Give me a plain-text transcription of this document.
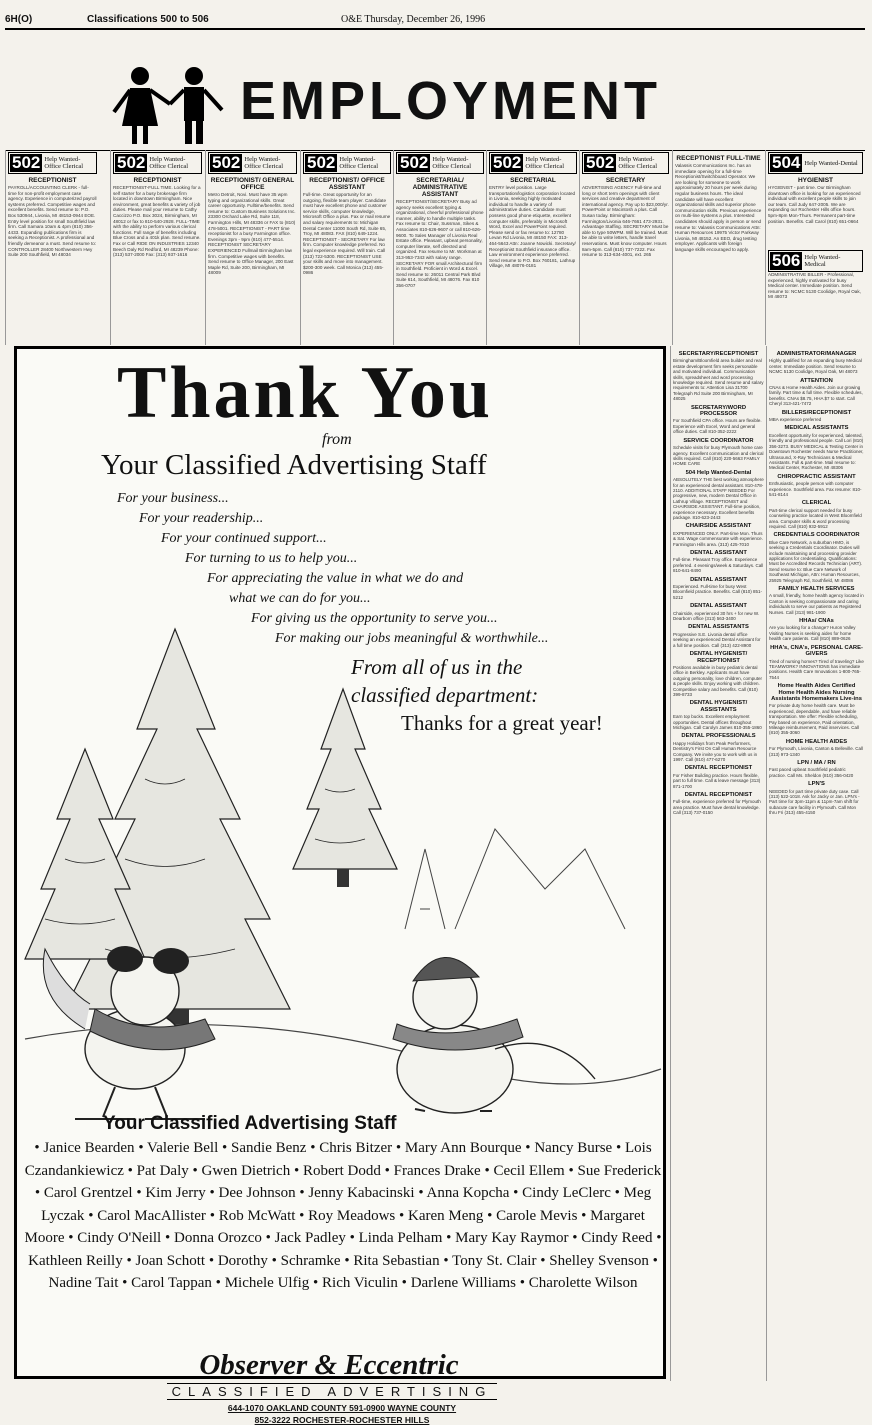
6H(O)	Classifications 500 to 506	O&E Thursday, December 26, 1996
EMPLOYMENT
502 Help Wanted-Office Clerical
RECEPTIONIST
PAYROLL/ACCOUNTING CLERK - full-time for non-profit employment case agency. Experience in computerized payroll systems preferred. Competitive wages and excellent benefits. Send resume to: P.O. Box 530944, Livonia, MI 48153-0944 EOE. Entry level position for small Southfield law firm. Call Samara 10am & 4pm (810) 356-4433. Expanding publications firm is seeking a Receptionist. A professional and friendly demeanor a must. Send resume to: CONTROLLER 28400 Northwestern Hwy Suite 200 Southfield, MI 48034
502 Help Wanted-Office Clerical
RECEPTIONIST
RECEPTIONIST-FULL TIME. Looking for a self starter for a busy brokerage firm located in downtown Birmingham. Nice environment, great benefits & variety of job duties. Please mail your resume to Cathy Caccizzo P.O. Box 3024, Birmingham, MI 48012 or fax to 810-540-2928. FULL-TIME with the ability to perform various clerical functions. Full range of benefits including Blue Cross and a 401k plan. Send resume. Fax or Call RIDE ON INDUSTRIES 12340 Beech Daly Rd Redford, MI 48239 Phone: (313) 537-2000 Fax: (313) 937-1616
502 Help Wanted-Office Clerical
RECEPTIONIST/ GENERAL OFFICE
Metro Detroit, Novi. Must have 35 wpm typing and organizational skills. Great career opportunity. Fulltime/benefits. Send resume to: Custom Business Solutions Inc. 23300 Orchard Lake Rd, Suite 118, Farmington Hills, MI 48336 or FAX to (810) 478-5001. RECEPTIONIST - PART time receptionist for a busy Farmington office. Evenings 3pm - 9pm (810) 477-5514. RECEPTIONIST SECRETARY EXPERIENCED Fullmail Birmingham law firm. Competitive wages with benefits. Send resume to Office Manager, 200 East Maple Rd, Suite 200, Birmingham, MI 48009
502 Help Wanted-Office Clerical
RECEPTIONIST/ OFFICE ASSISTANT
Full-time. Great opportunity for an outgoing, flexible team player. Candidate must have excellent phone and customer service skills, computer knowledge, Microsoft Office a plus. Fax or mail resume and salary requirements to: Michigan Dental Center 11000 South Rd, Suite 65, Troy, MI 48083. FAX (810) 649-1224. RECEPTIONIST - SECRETARY For law firm. Computer knowledge preferred. No legal experience required. Will train. Call (313) 722-5300. RECEPTIONIST USE your skills and move into management. $200-300 week. Call Monica (313) 455-0986
502 Help Wanted-Office Clerical
SECRETARIAL/ ADMINISTRATIVE ASSISTANT
RECEPTIONIST/SECRETARY Busy ad agency seeks excellent typing & organizational, cheerful professional phone manner, ability to handle multiple tasks. Fax resume to: Chair, Sussman, Sikes & Associates 810-626-9607 or call 810-626-9600. To Sales Manager of Livonia Real Estate office. Pleasant, upbeat personality, computer literate, self directed and organized. Fax resume to Mr. Workman at 313-953-7343 with salary range. SECRETARY FOR small Architectural firm in Southfield. Proficient in Word & Excel. Send resume to: 26011 Central Park Blvd Suite 614, Southfield, MI 48076. Fax 810 356-0707
502 Help Wanted-Office Clerical
SECRETARIAL
ENTRY level position. Large transportation/logistics corporation located in Livonia, seeking highly motivated individual to handle a variety of administrative duties. Candidate must possess good phone etiquette, excellent computer skills, preferably in Microsoft Word, Excel and PowerPoint required. Please send or fax resume to: 12780 Levan Rd Livonia, MI 48150 FAX: 313-464-5643 Attn: Joanne Nowicki. Secretary/ Receptionist Southfield insurance office. Law environment experience preferred. Send resume to P.O. Box 760181, Lathrup Village, MI 48076-0181
502 Help Wanted-Office Clerical
SECRETARY
ADVERTISING AGENCY Full-time and long or short term openings with client services and creative department of international agency. Pay up to $23,000/yr. PowerPoint or Macintosh a plus. Call Susan today. Birmingham: Farmington/Livonia 646-7661 473-2931. Advantage Staffing. SECRETARY Must be able to type 50WPM. Will be trained. Must be able to write letters, handle travel reservations. Must know computer. Hours 8am-5pm. Call (810) 737-7222. Fax resume to 313-634-4001, ext. 265
RECEPTIONIST FULL-TIME
Valassis Communications Inc. has an immediate opening for a full-time Receptionist/Switchboard Operator. We are looking for someone to work approximately 20 hours per week during regular business hours. The ideal candidate will have excellent organizational skills and superior phone communication skills. Previous experience on multi-line systems a plus. Interested candidates should apply in person or send resume to: Valassis Communications Attn: Human Resources 19975 Victor Parkway Livonia, MI 48152. An EEO, drug testing employer. Applicants with foreign language skills encouraged to apply.
504 Help Wanted-Dental
HYGIENIST
HYGIENIST - part time. Our Birmingham downtown office is looking for an experienced individual with excellent people skills to join our team. Call Judy 647-2005. We are expanding our Rochester Hills office hours. 5pm-8pm Mon-Thurs. Permanent part-time position. Benefits. Call Carol (810) 651-0664
506 Help Wanted-Medical
ADMINISTRATIVE BILLER - Professional, experienced, highly motivated for busy Medical center. Immediate position. Send resume to: NCMC 5130 Coolidge, Royal Oak, MI 48073
Thank You
from
Your Classified Advertising Staff
For your business...
For your readership...
For your continued support...
For turning to us to help you...
For appreciating the value in what we do and
what we can do for you...
For giving us the opportunity to serve you...
For making our jobs meaningful & worthwhile...
From all of us in the
classified department:
Thanks for a great year!
Your Classified Advertising Staff
• Janice Bearden • Valerie Bell • Sandie Benz • Chris Bitzer • Mary Ann Bourque • Nancy Burse • Lois Czandankiewicz • Pat Daly • Gwen Dietrich • Robert Dodd • Frances Drake • Cecil Ellem • Sue Frederick • Carol Grentzel • Kim Jerry • Dee Johnson • Jenny Kabacinski • Anna Kopcha • Cindy LeClerc • Meg Lyczak • Carol MacAllister • Rob McWatt • Roy Meadows • Karen Meng • Carole Mevis • Margaret Moore • Cindy O'Neill • Donna Orozco • Jack Padley • Linda Pelham • Mary Kay Raymor • Cindy Reed • Kathleen Reilly • Joan Schott • Dorothy • Schramke • Rita Sebastian • Tony St. Clair • Shelley Svenson • Nadine Tait • Carol Tappan • Michele Ulfig • Rich Viculin • Darlene Williams • Charolette Wilson
Observer & Eccentric
CLASSIFIED ADVERTISING
644-1070 OAKLAND COUNTY 591-0900 WAYNE COUNTY
852-3222 ROCHESTER-ROCHESTER HILLS
SECRETARY/RECEPTIONIST
Birmingham/Bloomfield area builder and real estate development firm seeks personable and motivated individual. Communication skills, spreadsheet and word processing knowledge required. Send resume and salary requirements to: Attention Lisa 31700 Telegraph Rd Suite 200 Birmingham, MI 48025
SECRETARY/WORD PROCESSOR
For Southfield CPA office. Hours are flexible. Experience with Excel, Word and general office duties. Call 810-352-2222
SERVICE COORDINATOR
Schedule visits for busy Plymouth home care agency. Excellent communication and clerical skills required. Call (810) 220-5663 FAMILY HOME CARE
504 Help Wanted-Dental
ABSOLUTELY THE best working atmosphere for an experienced dental assistant. 810-478-2110. ADDITIONAL STAFF NEEDED For progressive, new, modern Dental Office in Lathrup Village. RECEPTIONIST and CHAIRSIDE ASSISTANT. Full-time position, experience necessary. Excellent benefits package. 810-623-2443
CHAIRSIDE ASSISTANT
EXPERIENCED ONLY. Part-time Mon. Thurs & Sat. Wage commensurate with experience. Farmington Hills area. (313) 425-7010
DENTAL ASSISTANT
Full-time. Pleasant Troy office. Experience preferred. 4 evenings/week & Saturdays. Call 810-641-8490
DENTAL ASSISTANT
Experienced. Full-time for busy West Bloomfield practice. Benefits. Call (810) 851-5212
DENTAL ASSISTANT
Chairside, experienced 30 hrs + for new W. Dearborn office (313) 563-3400
DENTAL ASSISTANTS
Progressive S.E. Livonia dental office seeking an experienced Dental Assistant for a full time position. Call (313) 422-8900
DENTAL HYGIENIST/ RECEPTIONIST
Positions available in busy pediatric dental office in Berkley. Applicants must have outgoing personality, love children, computer & people skills. Enjoy working with children. Competitive salary and benefits. Call (810) 399-8733
DENTAL HYGIENIST/ ASSISTANTS
Earn top bucks. Excellent employment opportunities. Dental offices throughout Michigan. Call Carolyn James 810-355-1860
DENTAL PROFESSIONALS
Happy Holidays from Peak Performers, Dentistry's First On Call Human Resource Company. We invite you to work with us in 1997. Call (810) 477-6270
DENTAL RECEPTIONIST
For Fisher Building practice. Hours flexible, part to full time. Call & leave message (313) 871-1700
DENTAL RECEPTIONIST
Full-time, experience preferred for Plymouth area practice. Must have dental knowledge. Call (313) 737-0150
ADMINISTRATOR/MANAGER
Highly qualified for an expanding busy Medical center. Immediate position. Send resume to NCMC 5130 Coolidge, Royal Oak, MI 48073
ATTENTION
CNAs & Home Health Aides. Join our growing family. Part time & full time. Flexible schedules, benefits. CNAs $8.75, HHA $7 to start. Call Cheryl 313-421-7472
BILLERS/RECEPTIONIST
MBA experience preferred
MEDICAL ASSISTANTS
Excellent opportunity for experienced, talented, friendly and professional people. Call Lori (810) 356-3273. BUSY MEDICAL & Testing Center in Downtown Rochester needs Nurse Practitioner, Ultrasound, X-Ray Technicians & Medical Assistants. Full & part-time. Mail resume to: Medical Center, Rochester, MI 48306
CHIROPRACTIC ASSISTANT
Enthusiastic, people person with computer experience. Southfield area. Fax resume: 810-541-8144
CLERICAL
Part-time clerical support needed for busy counseling practice located in West Bloomfield area. Computer skills & word processing required. Call (810) 932-5912
CREDENTIALS COORDINATOR
Blue Care Network, a suburban HMO, is seeking a Credentials Coordinator. Duties will include maintaining and processing provider applications for credentialing. Qualifications: Must be Accredited Records Technician (ART). Send resume to: Blue Care Network of Southeast Michigan, Attn: Human Resources, 25925 Telegraph Rd, Southfield, MI 48086
FAMILY HEALTH SERVICES
A small, friendly, home health agency located in Canton is seeking compassionate and caring individuals to serve our patients as Registered Nurses. Call (313) 981-1900
HHAs/ CNAs
Are you looking for a change? Huron Valley Visiting Nurses is seeking aides for home health care patients. Call (810) 889-0626
HHA's, CNA's, PERSONAL CARE-GIVERS
Tired of nursing homes? Tired of traveling? Like TEAMWORK? INNOVATIONS has immediate positions. Health Care Innovations 1-800-765-7544
Home Health Aides Certified Home Health Aides Nursing Assistants Homemakers Live-ins
For private duty home health care. Must be experienced, dependable, and have reliable transportation. We offer: Flexible scheduling, Pay based on experience, Paid orientation, Mileage reimbursement, Paid inservices. Call (810) 355-3060
HOME HEALTH AIDES
For Plymouth, Livonia, Canton & Belleville. Call (313) 973-1340
LPN / MA / RN
Fast paced upbeat Southfield pediatric practice. Call Ms. Sheldon (810) 356-0420
LPN'S
NEEDED for part time private duty case. Call (313) 522-1018. Ask for Jacky or Jan. LPN's - Part time for 3pm-11pm & 11pm-7am shift for subacute care facility in Plymouth. Call Mon thru Fri (313) 455-4150
